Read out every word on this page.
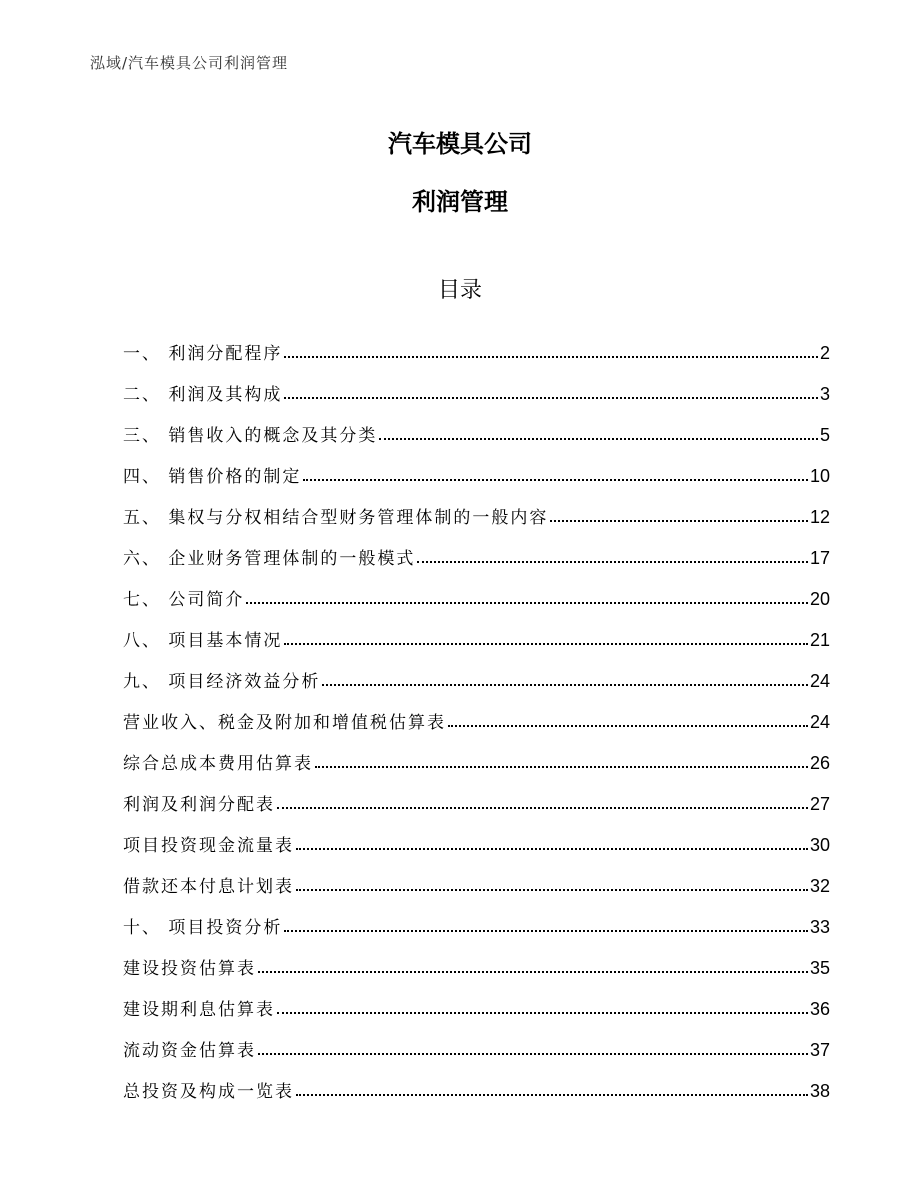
泓域/汽车模具公司利润管理
汽车模具公司
利润管理
目录
一、 利润分配程序	2
二、 利润及其构成	3
三、 销售收入的概念及其分类	5
四、 销售价格的制定	10
五、 集权与分权相结合型财务管理体制的一般内容	12
六、 企业财务管理体制的一般模式	17
七、 公司简介	20
八、 项目基本情况	21
九、 项目经济效益分析	24
营业收入、税金及附加和增值税估算表	24
综合总成本费用估算表	26
利润及利润分配表	27
项目投资现金流量表	30
借款还本付息计划表	32
十、 项目投资分析	33
建设投资估算表	35
建设期利息估算表	36
流动资金估算表	37
总投资及构成一览表	38
